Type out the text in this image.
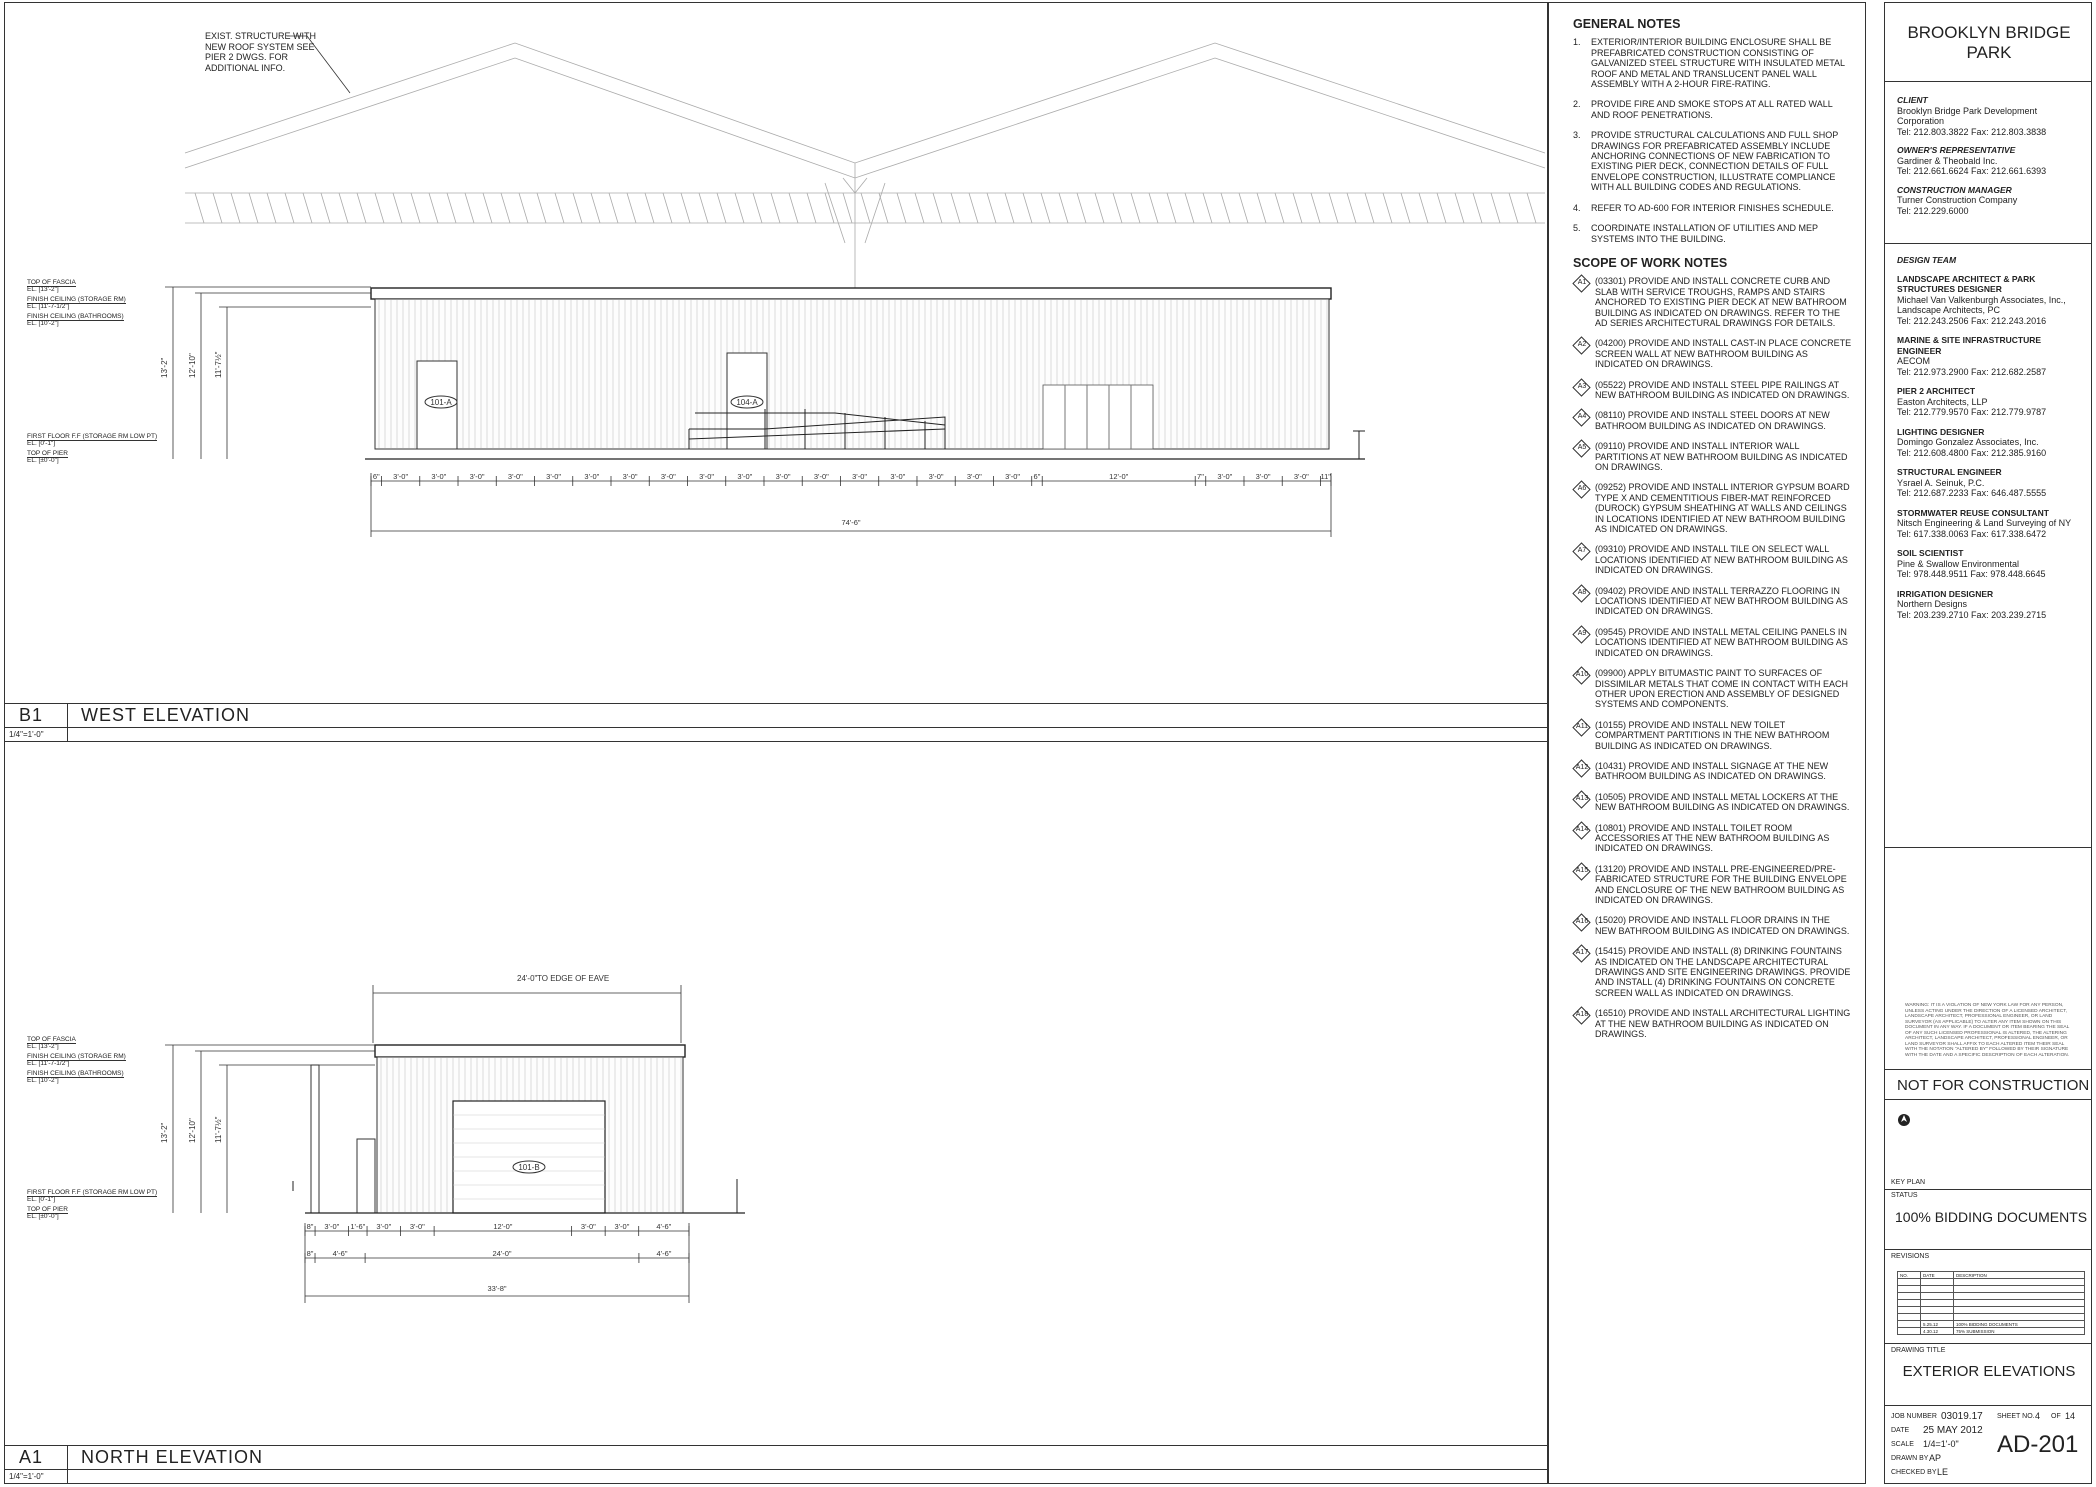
101-A	104-A
13'-2" 12'-10" 11'-7½"
6" 3'-0"	3'-0"	3'-0"	3'-0"	3'-0"	3'-0"	3'-0"	3'-0"	3'-0"	3'-0"	3'-0"	3'-0"	3'-0"	3'-0"	3'-0"	3'-0"	3'-0" 6"	12'-0"	7" 3'-0"	3'-0"	3'-0" 11"
74'-6"
TOP OF FASCIA
EL. [13'-2"]
FINISH CEILING (STORAGE RM)
EL. [11'-7-1/2"]
FINISH CEILING (BATHROOMS)
EL. [10'-2"]
FIRST FLOOR F.F (STORAGE RM LOW PT)
EL. [0'-1"]
TOP OF PIER
EL. [±0'-0"]
EXIST. STRUCTURE WITH NEW ROOF SYSTEM SEE PIER 2 DWGS. FOR ADDITIONAL INFO.
B1 WEST ELEVATION
1/4"=1'-0"
24'-0" TO EDGE OF EAVE
101-B
13'-2" 12'-10" 11'-7½"
8" 3'-0" 1'-6" 3'-0" 3'-0"	12'-0"	3'-0" 3'-0"	4'-6"
8"	4'-6"	24'-0"	4'-6"
33'-8"
TOP OF FASCIA
EL. [13'-2"]
FINISH CEILING (STORAGE RM)
EL. [11'-7-1/2"]
FINISH CEILING (BATHROOMS)
EL. [10'-2"]
FIRST FLOOR F.F (STORAGE RM LOW PT)
EL. [0'-1"]
TOP OF PIER
EL. [±0'-0"]
A1 NORTH ELEVATION
1/4"=1'-0"
GENERAL NOTES
1.	EXTERIOR/INTERIOR BUILDING ENCLOSURE SHALL BE PREFABRICATED CONSTRUCTION CONSISTING OF GALVANIZED STEEL STRUCTURE WITH INSULATED METAL ROOF AND METAL AND TRANSLUCENT PANEL WALL ASSEMBLY WITH A 2-HOUR FIRE-RATING.
2.	PROVIDE FIRE AND SMOKE STOPS AT ALL RATED WALL AND ROOF PENETRATIONS.
3.	PROVIDE STRUCTURAL CALCULATIONS AND FULL SHOP DRAWINGS FOR PREFABRICATED ASSEMBLY INCLUDE ANCHORING CONNECTIONS OF NEW FABRICATION TO EXISTING PIER DECK, CONNECTION DETAILS OF FULL ENVELOPE CONSTRUCTION, ILLUSTRATE COMPLIANCE WITH ALL BUILDING CODES AND REGULATIONS.
4.	REFER TO AD-600 FOR INTERIOR FINISHES SCHEDULE.
5.	COORDINATE INSTALLATION OF UTILITIES AND MEP SYSTEMS INTO THE BUILDING.
SCOPE OF WORK NOTES
A1 (03301) PROVIDE AND INSTALL CONCRETE CURB AND SLAB WITH SERVICE TROUGHS, RAMPS AND STAIRS ANCHORED TO EXISTING PIER DECK AT NEW BATHROOM BUILDING AS INDICATED ON DRAWINGS. REFER TO THE AD SERIES ARCHITECTURAL DRAWINGS FOR DETAILS.
A2 (04200) PROVIDE AND INSTALL CAST-IN PLACE CONCRETE SCREEN WALL AT NEW BATHROOM BUILDING AS INDICATED ON DRAWINGS.
A3 (05522) PROVIDE AND INSTALL STEEL PIPE RAILINGS AT NEW BATHROOM BUILDING AS INDICATED ON DRAWINGS.
A4 (08110) PROVIDE AND INSTALL STEEL DOORS AT NEW BATHROOM BUILDING AS INDICATED ON DRAWINGS.
A5 (09110) PROVIDE AND INSTALL INTERIOR WALL PARTITIONS AT NEW BATHROOM BUILDING AS INDICATED ON DRAWINGS.
A6 (09252) PROVIDE AND INSTALL INTERIOR GYPSUM BOARD TYPE X AND CEMENTITIOUS FIBER-MAT REINFORCED (DUROCK) GYPSUM SHEATHING AT WALLS AND CEILINGS IN LOCATIONS IDENTIFIED AT NEW BATHROOM BUILDING AS INDICATED ON DRAWINGS.
A7 (09310) PROVIDE AND INSTALL TILE ON SELECT WALL LOCATIONS IDENTIFIED AT NEW BATHROOM BUILDING AS INDICATED ON DRAWINGS.
A8 (09402) PROVIDE AND INSTALL TERRAZZO FLOORING IN LOCATIONS IDENTIFIED AT NEW BATHROOM BUILDING AS INDICATED ON DRAWINGS.
A9 (09545) PROVIDE AND INSTALL METAL CEILING PANELS IN LOCATIONS IDENTIFIED AT NEW BATHROOM BUILDING AS INDICATED ON DRAWINGS.
A10 (09900) APPLY BITUMASTIC PAINT TO SURFACES OF DISSIMILAR METALS THAT COME IN CONTACT WITH EACH OTHER UPON ERECTION AND ASSEMBLY OF DESIGNED SYSTEMS AND COMPONENTS.
A11 (10155) PROVIDE AND INSTALL NEW TOILET COMPARTMENT PARTITIONS IN THE NEW BATHROOM BUILDING AS INDICATED ON DRAWINGS.
A12 (10431) PROVIDE AND INSTALL SIGNAGE AT THE NEW BATHROOM BUILDING AS INDICATED ON DRAWINGS.
A13 (10505) PROVIDE AND INSTALL METAL LOCKERS AT THE NEW BATHROOM BUILDING AS INDICATED ON DRAWINGS.
A14 (10801) PROVIDE AND INSTALL TOILET ROOM ACCESSORIES AT THE NEW BATHROOM BUILDING AS INDICATED ON DRAWINGS.
A15 (13120) PROVIDE AND INSTALL PRE-ENGINEERED/PRE-FABRICATED STRUCTURE FOR THE BUILDING ENVELOPE AND ENCLOSURE OF THE NEW BATHROOM BUILDING AS INDICATED ON DRAWINGS.
A16 (15020) PROVIDE AND INSTALL FLOOR DRAINS IN THE NEW BATHROOM BUILDING AS INDICATED ON DRAWINGS.
A17 (15415) PROVIDE AND INSTALL (8) DRINKING FOUNTAINS AS INDICATED ON THE LANDSCAPE ARCHITECTURAL DRAWINGS AND SITE ENGINEERING DRAWINGS. PROVIDE AND INSTALL (4) DRINKING FOUNTAINS ON CONCRETE SCREEN WALL AS INDICATED ON DRAWINGS.
A18 (16510) PROVIDE AND INSTALL ARCHITECTURAL LIGHTING AT THE NEW BATHROOM BUILDING AS INDICATED ON DRAWINGS.
BROOKLYN BRIDGE
PARK
CLIENT
Brooklyn Bridge Park Development Corporation
Tel: 212.803.3822 Fax: 212.803.3838
OWNER'S REPRESENTATIVE
Gardiner & Theobald Inc.
Tel: 212.661.6624 Fax: 212.661.6393
CONSTRUCTION MANAGER
Turner Construction Company
Tel: 212.229.6000
DESIGN TEAM
LANDSCAPE ARCHITECT & PARK STRUCTURES DESIGNER
Michael Van Valkenburgh Associates, Inc., Landscape Architects, PC
Tel: 212.243.2506 Fax: 212.243.2016
MARINE & SITE INFRASTRUCTURE ENGINEER
AECOM
Tel: 212.973.2900 Fax: 212.682.2587
PIER 2 ARCHITECT
Easton Architects, LLP
Tel: 212.779.9570 Fax: 212.779.9787
LIGHTING DESIGNER
Domingo Gonzalez Associates, Inc.
Tel: 212.608.4800 Fax: 212.385.9160
STRUCTURAL ENGINEER
Ysrael A. Seinuk, P.C.
Tel: 212.687.2233 Fax: 646.487.5555
STORMWATER REUSE CONSULTANT
Nitsch Engineering & Land Surveying of NY
Tel: 617.338.0063 Fax: 617.338.6472
SOIL SCIENTIST
Pine & Swallow Environmental
Tel: 978.448.9511 Fax: 978.448.6645
IRRIGATION DESIGNER
Northern Designs
Tel: 203.239.2710 Fax: 203.239.2715
WARNING: IT IS A VIOLATION OF NEW YORK LAW FOR ANY PERSON, UNLESS ACTING UNDER THE DIRECTION OF A LICENSED ARCHITECT, LANDSCAPE ARCHITECT, PROFESSIONAL ENGINEER, OR LAND SURVEYOR (AS APPLICABLE) TO ALTER ANY ITEM SHOWN ON THIS DOCUMENT IN ANY WAY. IF A DOCUMENT OR ITEM BEARING THE SEAL OF ANY SUCH LICENSED PROFESSIONAL IS ALTERED, THE ALTERING ARCHITECT, LANDSCAPE ARCHITECT, PROFESSIONAL ENGINEER, OR LAND SURVEYOR SHALL AFFIX TO EACH ALTERED ITEM THEIR SEAL WITH THE NOTATION "ALTERED BY" FOLLOWED BY THEIR SIGNATURE WITH THE DATE AND A SPECIFIC DESCRIPTION OF EACH ALTERATION.
NOT FOR CONSTRUCTION
KEY PLAN
STATUS
100% BIDDING DOCUMENTS
REVISIONS
NO.	DATE	DESCRIPTION

	5.25.12	100% BIDDING DOCUMENTS
	4.30.12	75% SUBMISSION
DRAWING TITLE
EXTERIOR ELEVATIONS
JOB NUMBER 03019.17 SHEET NO. 4 OF 14
DATE 25 MAY 2012
SCALE 1/4=1'-0"
DRAWN BY AP
CHECKED BY LE
AD-201
